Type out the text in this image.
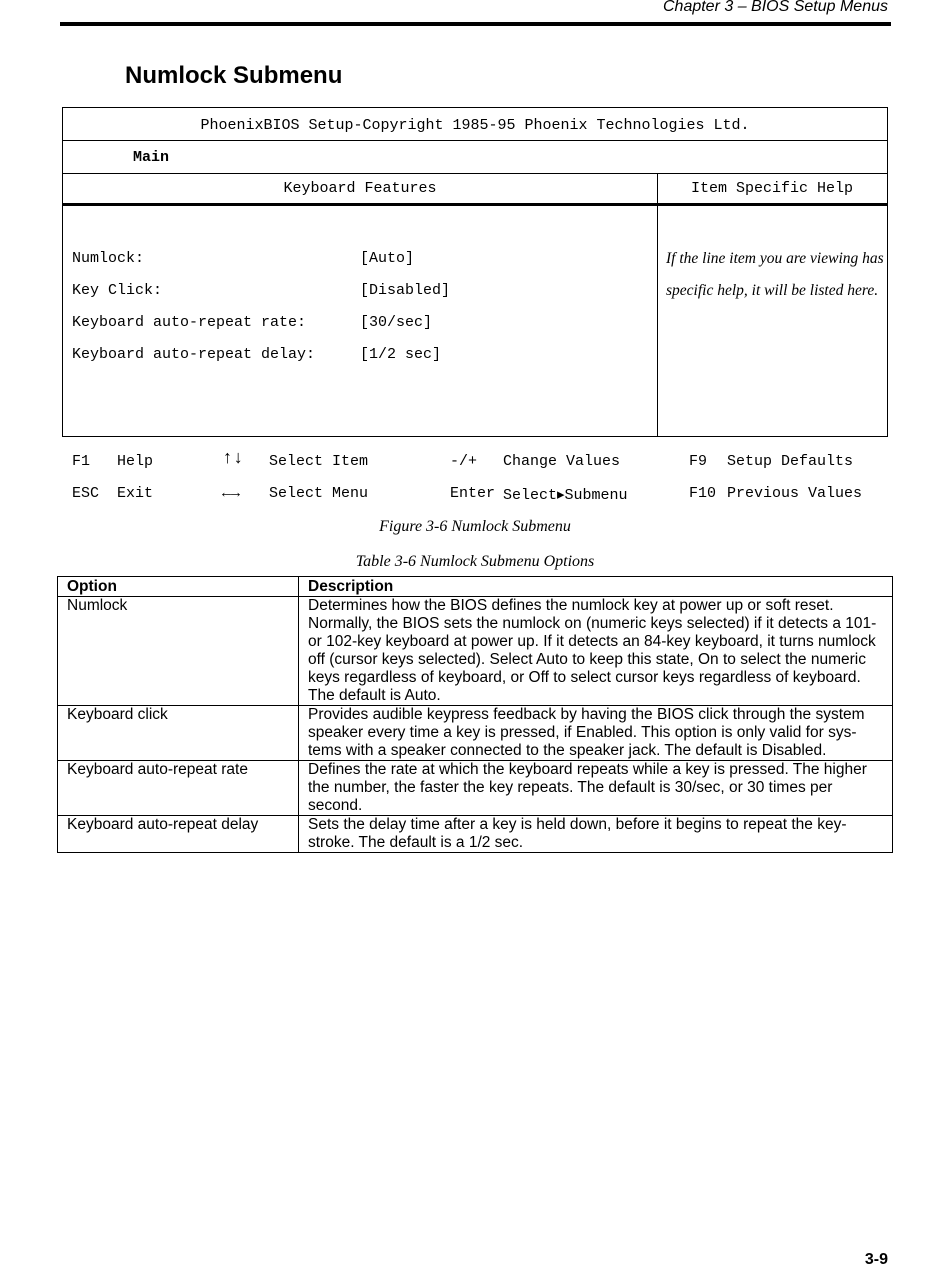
Chapter 3 – BIOS Setup Menus
Numlock Submenu
PhoenixBIOS Setup-Copyright 1985-95 Phoenix Technologies Ltd.
Main
Keyboard Features	Item Specific Help
Numlock:	[Auto]
Key Click:	[Disabled]
Keyboard auto-repeat rate:	[30/sec]
Keyboard auto-repeat delay:	[1/2 sec]
If the line item you are viewing has specific help, it will be listed here.
F1 Help	↑↓ Select Item	-/+ Change Values	F9 Setup Defaults
ESC Exit	←→ Select Menu	Enter Select▸Submenu	F10 Previous Values
Figure 3-6 Numlock Submenu
Table 3-6 Numlock Submenu Options
Option	Description
Numlock	Determines how the BIOS defines the numlock key at power up or soft reset. Normally, the BIOS sets the numlock on (numeric keys selected) if it detects a 101- or 102-key keyboard at power up. If it detects an 84-key keyboard, it turns numlock off (cursor keys selected). Select Auto to keep this state, On to select the numeric keys regardless of keyboard, or Off to select cursor keys regardless of keyboard. The default is Auto.
Keyboard click	Provides audible keypress feedback by having the BIOS click through the system speaker every time a key is pressed, if Enabled. This option is only valid for sys-tems with a speaker connected to the speaker jack. The default is Disabled.
Keyboard auto-repeat rate	Defines the rate at which the keyboard repeats while a key is pressed. The higher the number, the faster the key repeats. The default is 30/sec, or 30 times per second.
Keyboard auto-repeat delay	Sets the delay time after a key is held down, before it begins to repeat the key-stroke. The default is a 1/2 sec.
3-9
